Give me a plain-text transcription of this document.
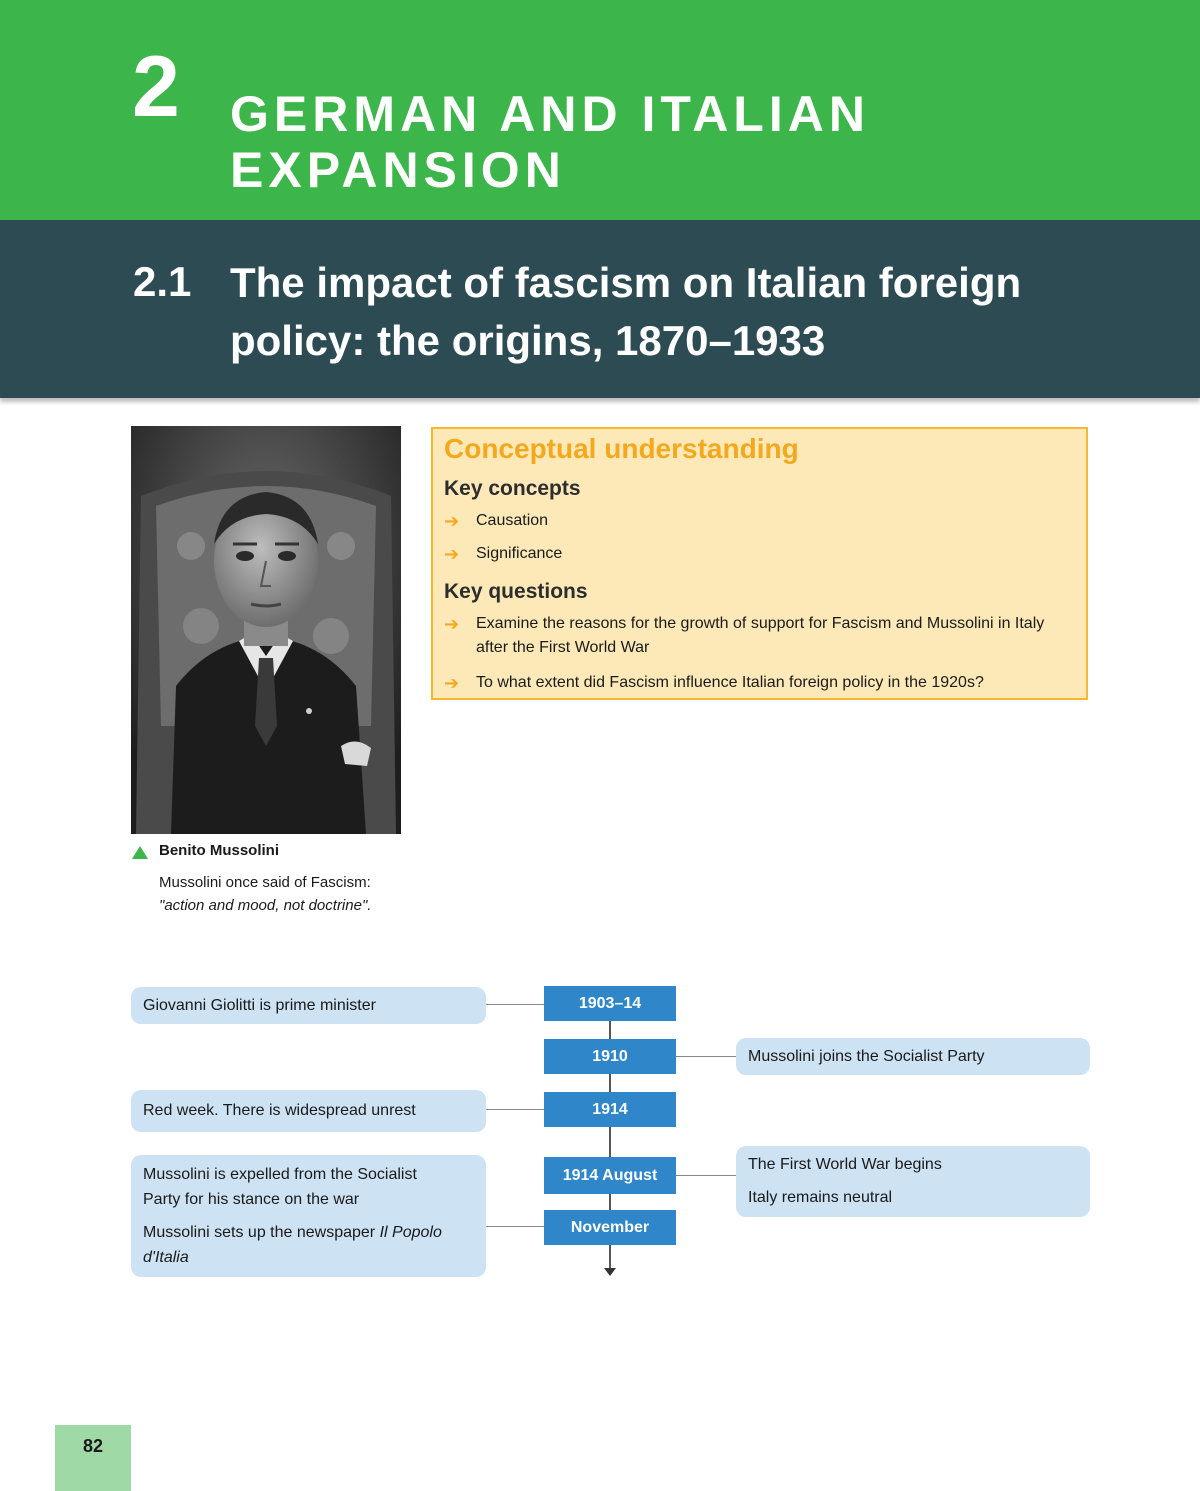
2 GERMAN AND ITALIAN EXPANSION
2.1 The impact of fascism on Italian foreign policy: the origins, 1870–1933
Benito Mussolini
Mussolini once said of Fascism:
"action and mood, not doctrine".
Conceptual understanding
Key concepts
➔ Causation
➔ Significance
Key questions
➔ Examine the reasons for the growth of support for Fascism and Mussolini in Italy after the First World War
➔ To what extent did Fascism influence Italian foreign policy in the 1920s?
1903–14
1910
1914
1914 August
November
Giovanni Giolitti is prime minister
Red week. There is widespread unrest
Mussolini is expelled from the Socialist Party for his stance on the war
Mussolini sets up the newspaper Il Popolo d'Italia
Mussolini joins the Socialist Party
The First World War begins
Italy remains neutral
82
